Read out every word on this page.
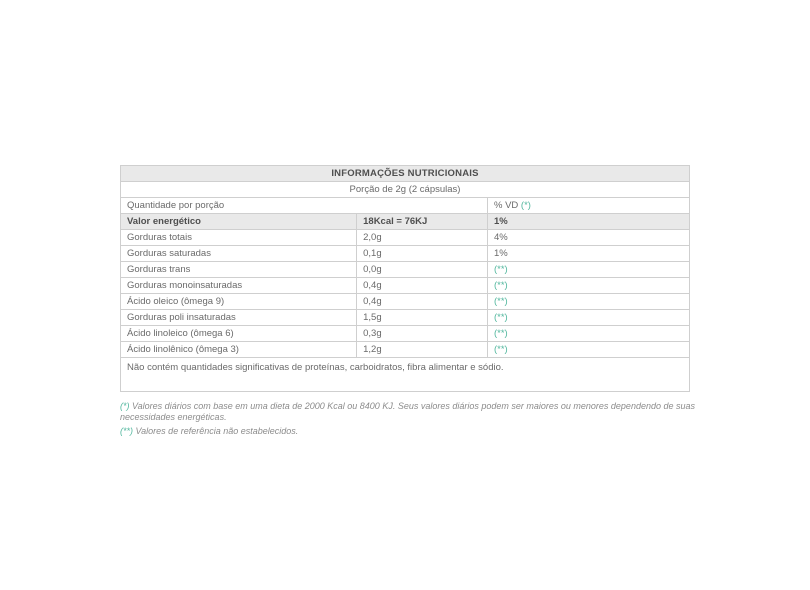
INFORMAÇÕES NUTRICIONAIS		
Porção de 2g (2 cápsulas)		
Quantidade por porção		% VD (*)
Valor energético	18Kcal = 76KJ	1%
Gorduras totais	2,0g	4%
Gorduras saturadas	0,1g	1%
Gorduras trans	0,0g	(**)
Gorduras monoinsaturadas	0,4g	(**)
Ácido oleico (ômega 9)	0,4g	(**)
Gorduras poli insaturadas	1,5g	(**)
Ácido linoleico (ômega 6)	0,3g	(**)
Ácido linolênico (ômega 3)	1,2g	(**)
Não contém quantidades significativas de proteínas, carboidratos, fibra alimentar e sódio.		

(*) Valores diários com base em uma dieta de 2000 Kcal ou 8400 KJ. Seus valores diários podem ser maiores ou menores dependendo de suas necessidades energéticas.

(**) Valores de referência não estabelecidos.
